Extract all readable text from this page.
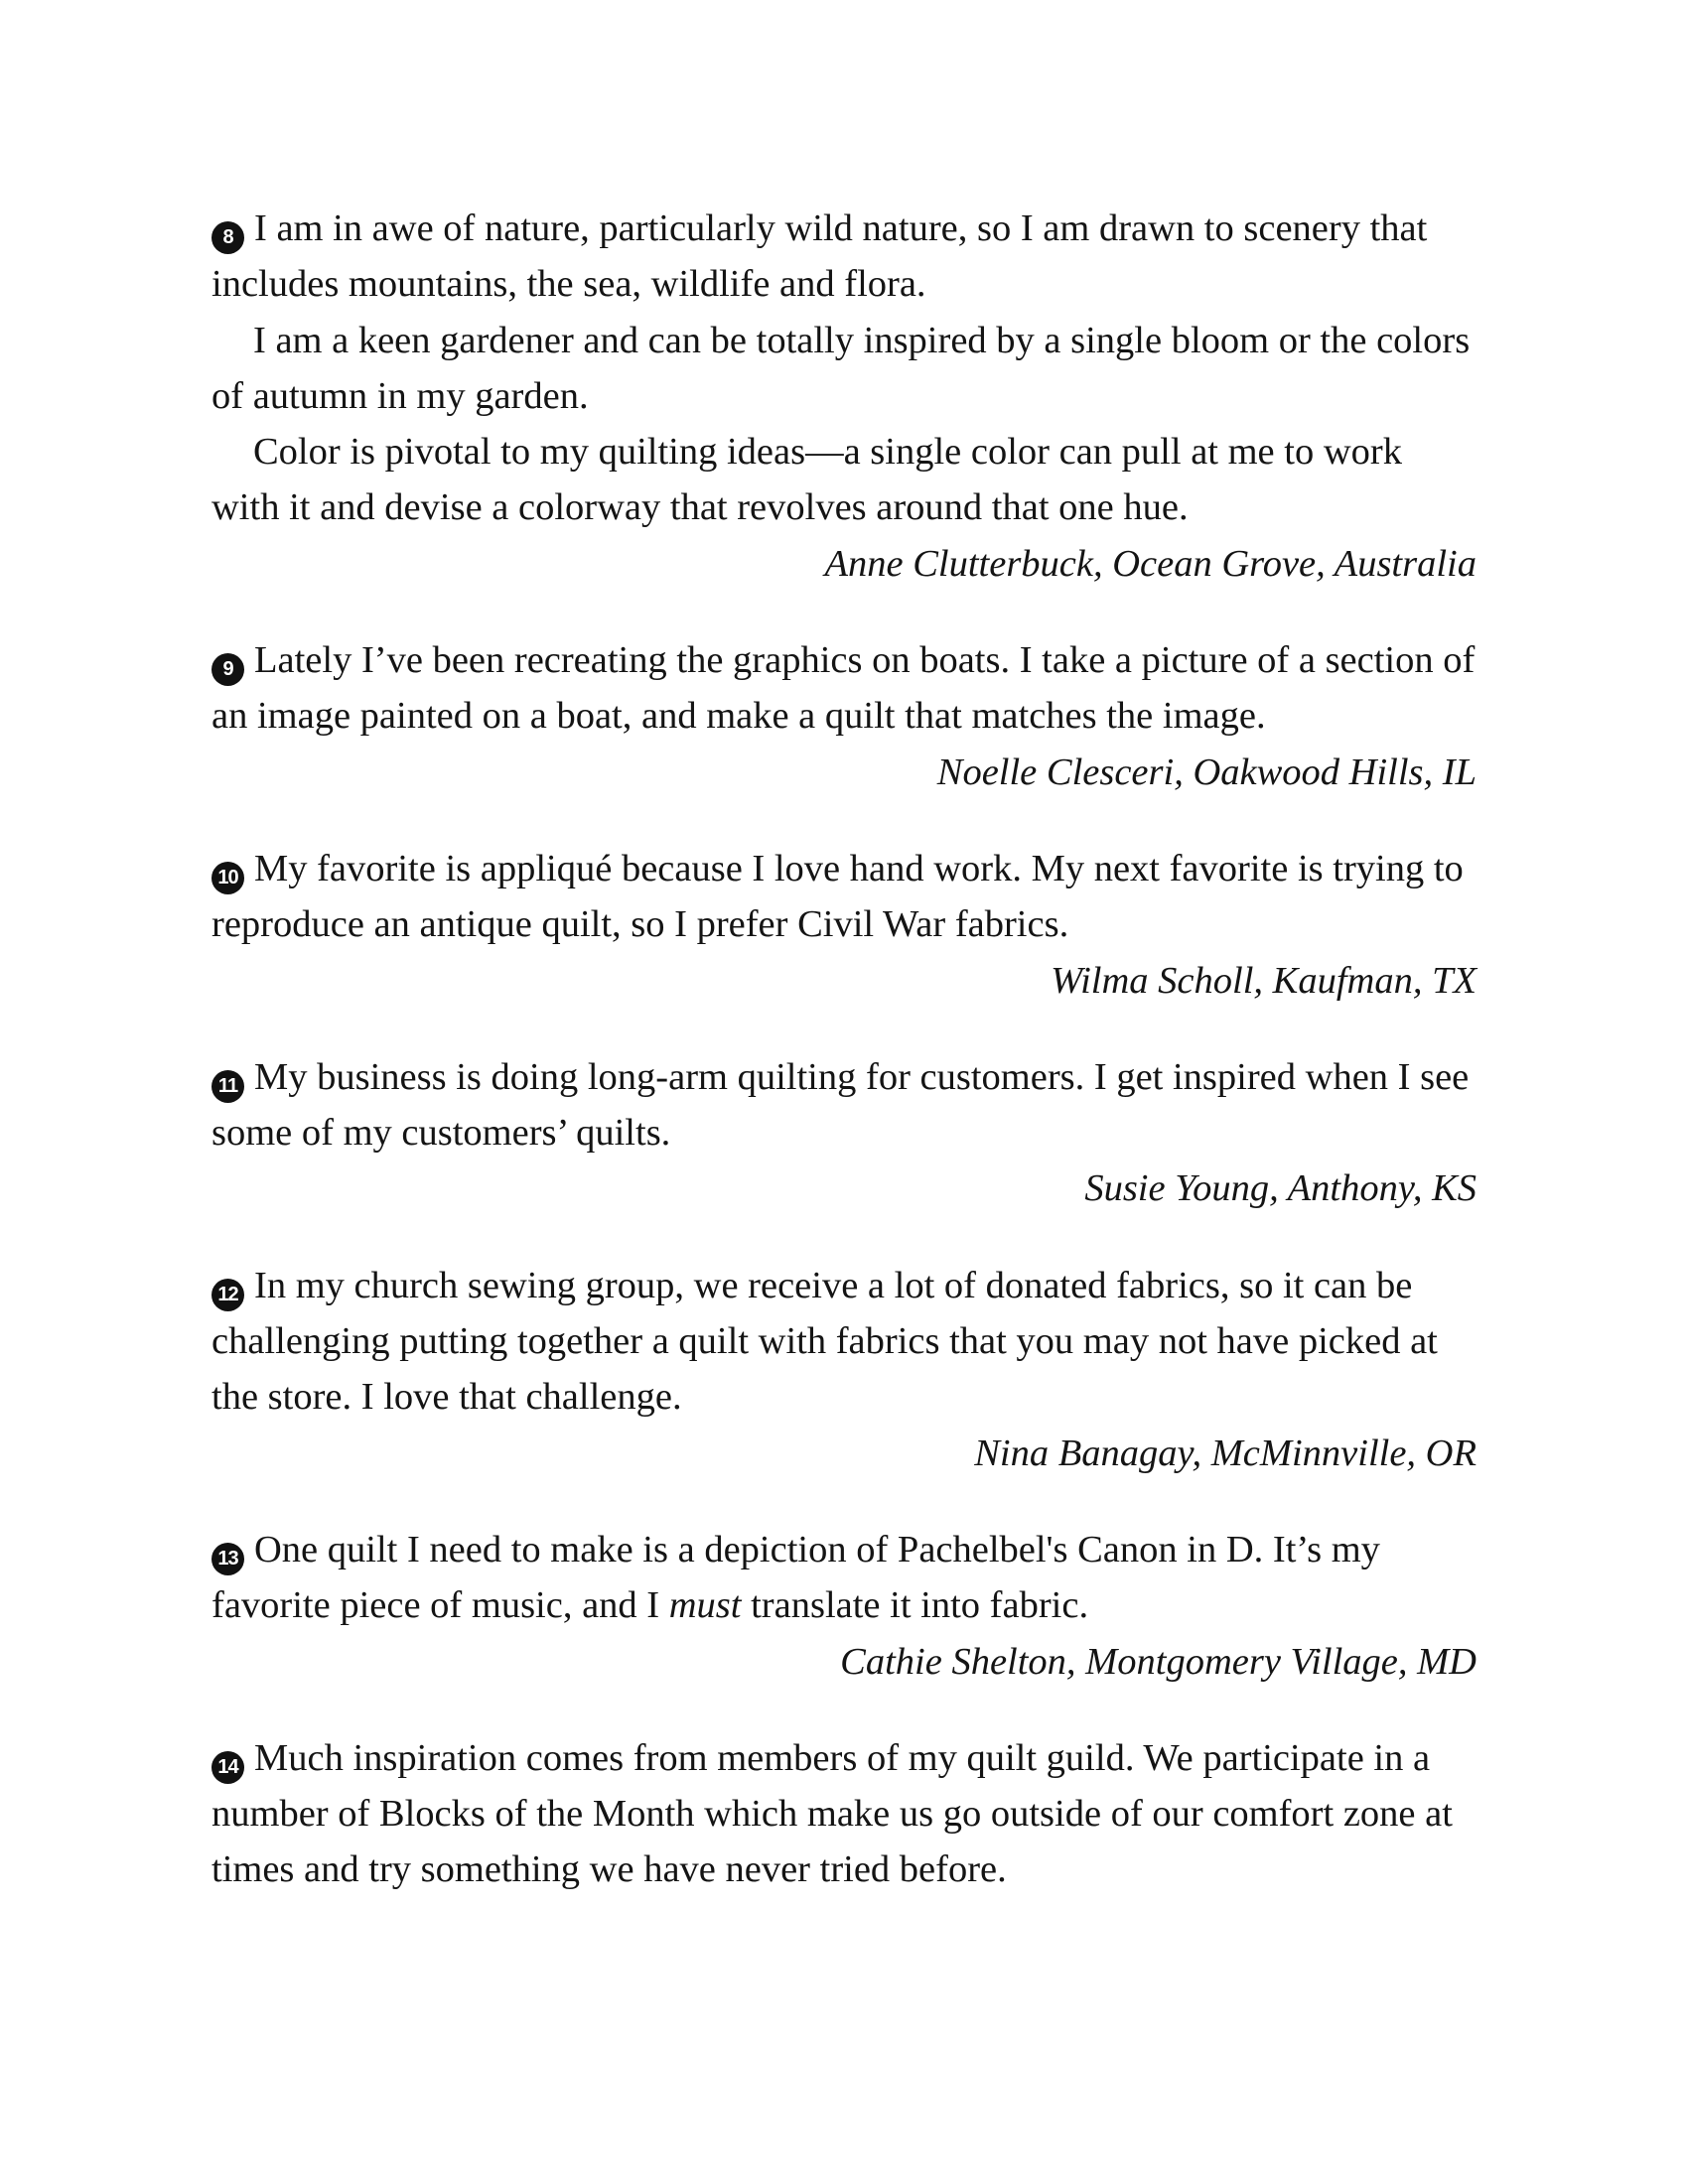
8 I am in awe of nature, particularly wild nature, so I am drawn to scenery that includes mountains, the sea, wildlife and flora.

I am a keen gardener and can be totally inspired by a single bloom or the colors of autumn in my garden.

Color is pivotal to my quilting ideas—a single color can pull at me to work with it and devise a colorway that revolves around that one hue.

Anne Clutterbuck, Ocean Grove, Australia

9 Lately I’ve been recreating the graphics on boats. I take a picture of a section of an image painted on a boat, and make a quilt that matches the image.

Noelle Clesceri, Oakwood Hills, IL

10 My favorite is appliqué because I love hand work. My next favorite is trying to reproduce an antique quilt, so I prefer Civil War fabrics.

Wilma Scholl, Kaufman, TX

11 My business is doing long-arm quilting for customers. I get inspired when I see some of my customers’ quilts.

Susie Young, Anthony, KS

12 In my church sewing group, we receive a lot of donated fabrics, so it can be challenging putting together a quilt with fabrics that you may not have picked at the store. I love that challenge.

Nina Banagay, McMinnville, OR

13 One quilt I need to make is a depiction of Pachelbel's Canon in D. It’s my favorite piece of music, and I must translate it into fabric.

Cathie Shelton, Montgomery Village, MD

14 Much inspiration comes from members of my quilt guild. We participate in a number of Blocks of the Month which make us go outside of our comfort zone at times and try something we have never tried before.
